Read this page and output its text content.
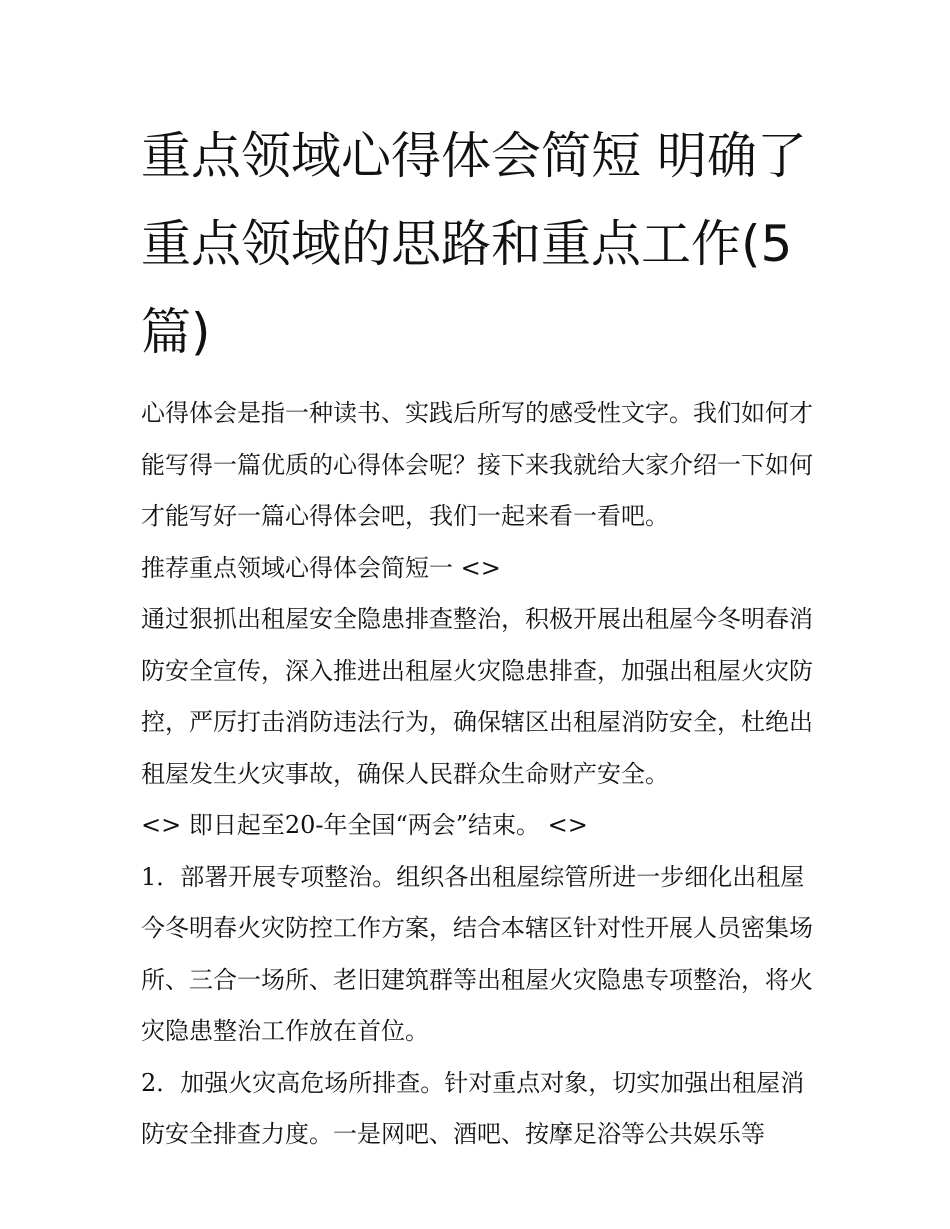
重点领域心得体会简短 明确了重点领域的思路和重点工作(5篇)

心得体会是指一种读书、实践后所写的感受性文字。我们如何才能写得一篇优质的心得体会呢？接下来我就给大家介绍一下如何才能写好一篇心得体会吧，我们一起来看一看吧。

推荐重点领域心得体会简短一 <>

通过狠抓出租屋安全隐患排查整治，积极开展出租屋今冬明春消防安全宣传，深入推进出租屋火灾隐患排查，加强出租屋火灾防控，严厉打击消防违法行为，确保辖区出租屋消防安全，杜绝出租屋发生火灾事故，确保人民群众生命财产安全。

<> 即日起至20-年全国“两会”结束。 <>

1．部署开展专项整治。组织各出租屋综管所进一步细化出租屋今冬明春火灾防控工作方案，结合本辖区针对性开展人员密集场所、三合一场所、老旧建筑群等出租屋火灾隐患专项整治，将火灾隐患整治工作放在首位。

2．加强火灾高危场所排查。针对重点对象，切实加强出租屋消防安全排查力度。一是网吧、酒吧、按摩足浴等公共娱乐等
